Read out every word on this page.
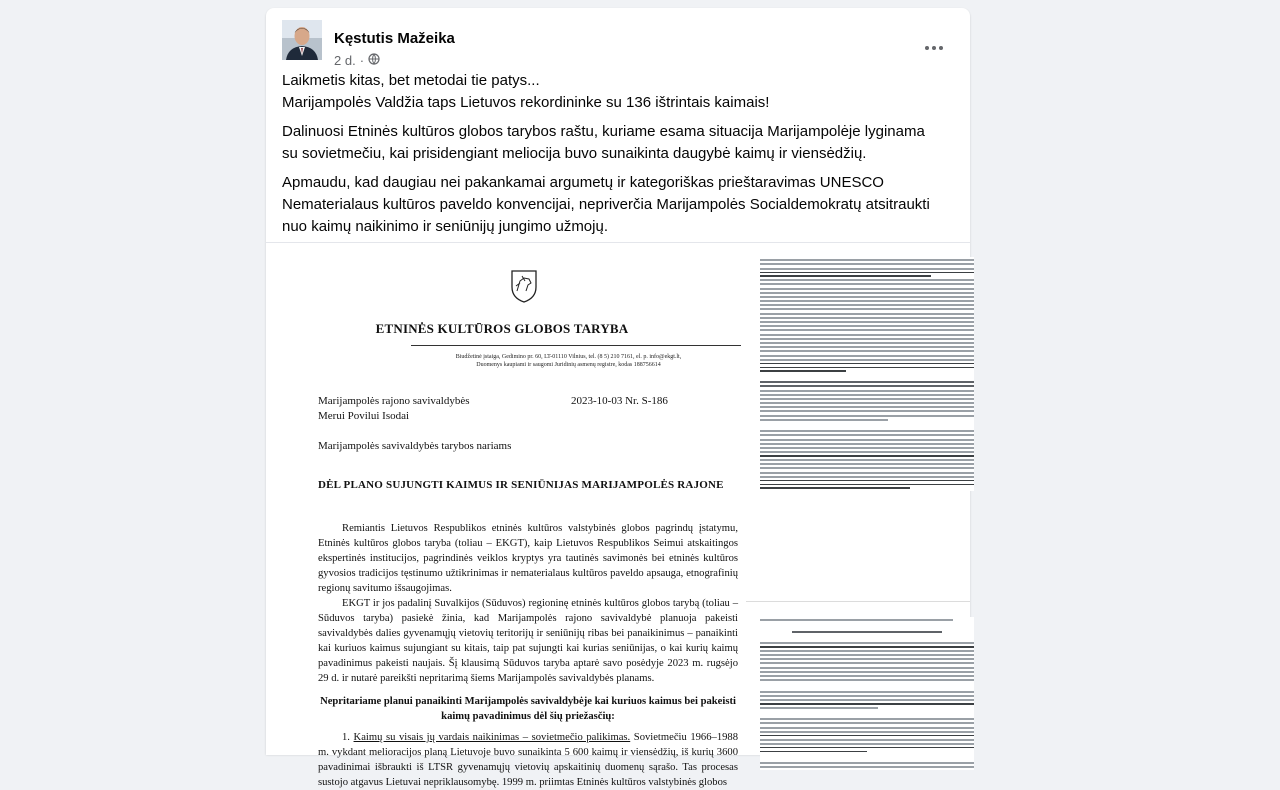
Kęstutis Mažeika
2 d. ·

Laikmetis kitas, bet metodai tie patys...
Marijampolės Valdžia taps Lietuvos rekordininke su 136 ištrintais kaimais!

Dalinuosi Etninės kultūros globos tarybos raštu, kuriame esama situacija Marijampolėje lyginama
su sovietmečiu, kai prisidengiant meliocija buvo sunaikinta daugybė kaimų ir viensėdžių.

Apmaudu, kad daugiau nei pakankamai argumetų ir kategoriškas prieštaravimas UNESCO
Nematerialaus kultūros paveldo konvencijai, nepriverčia Marijampolės Socialdemokratų atsitraukti
nuo kaimų naikinimo ir seniūnijų jungimo užmojų.

ETNINĖS KULTŪROS GLOBOS TARYBA
Biudžetinė įstaiga, Gedimino pr. 60, LT-01110 Vilnius, tel. (8 5) 210 7161, el. p. info@ekgt.lt,
Duomenys kaupiami ir saugomi Juridinių asmenų registre, kodas 188756614
Marijampolės rajono savivaldybės
Merui Povilui Isodai
2023-10-03 Nr. S-186
Marijampolės savivaldybės tarybos nariams
DĖL PLANO SUJUNGTI KAIMUS IR SENIŪNIJAS MARIJAMPOLĖS RAJONE

Remiantis Lietuvos Respublikos etninės kultūros valstybinės globos pagrindų įstatymu, Etninės kultūros globos taryba (toliau – EKGT), kaip Lietuvos Respublikos Seimui atskaitingos ekspertinės institucijos, pagrindinės veiklos kryptys yra tautinės savimonės bei etninės kultūros gyvosios tradicijos tęstinumo užtikrinimas ir nematerialaus kultūros paveldo apsauga, etnografinių regionų savitumo išsaugojimas.

EKGT ir jos padalinį Suvalkijos (Sūduvos) regioninę etninės kultūros globos tarybą (toliau – Sūduvos taryba) pasiekė žinia, kad Marijampolės rajono savivaldybė planuoja pakeisti savivaldybės dalies gyvenamųjų vietovių teritorijų ir seniūnijų ribas bei panaikinimus – panaikinti kai kuriuos kaimus sujungiant su kitais, taip pat sujungti kai kurias seniūnijas, o kai kurių kaimų pavadinimus pakeisti naujais. Šį klausimą Sūduvos taryba aptarė savo posėdyje 2023 m. rugsėjo 29 d. ir nutarė pareikšti nepritarimą šiems Marijampolės savivaldybės planams.

Nepritariame planui panaikinti Marijampolės savivaldybėje kai kuriuos kaimus bei pakeisti kaimų pavadinimus dėl šių priežasčių:

1. Kaimų su visais jų vardais naikinimas – sovietmečio palikimas. Sovietmečiu 1966–1988 m. vykdant melioracijos planą Lietuvoje buvo sunaikinta 5 600 kaimų ir viensėdžių, iš kurių 3600 pavadinimai išbraukti iš LTSR gyvenamųjų vietovių apskaitinių duomenų sąrašo. Tas procesas sustojo atgavus Lietuvai nepriklausomybę. 1999 m. priimtas Etninės kultūros valstybinės globos
